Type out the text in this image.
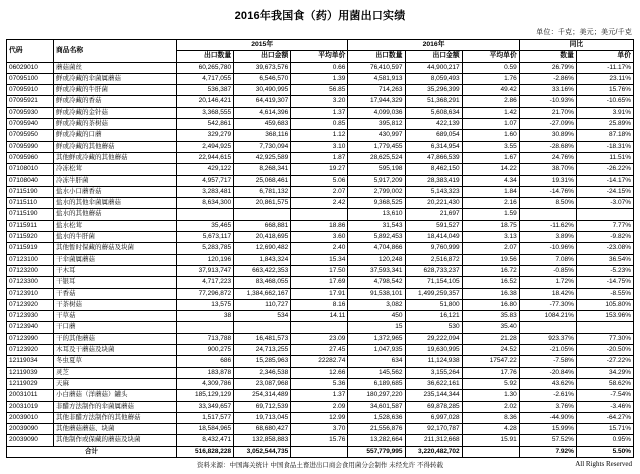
2016年我国食（药）用菌出口实绩
单位：千克；美元；美元/千克
代码	商品名称	2015年			2016年			同比	
		出口数量	出口金额	平均单价	出口数量	出口金额	平均单价	数量	单价
06029010	蘑菇菌丝	60,265,780	39,673,576	0.66	76,410,597	44,900,217	0.59	26.79%	-11.17%
07095100	鲜或冷藏的伞菌属蘑菇	4,717,055	6,546,570	1.39	4,581,913	8,059,493	1.76	-2.86%	23.11%
07095910	鲜或冷藏的牛肝菌	536,387	30,490,995	56.85	714,263	35,296,399	49.42	33.16%	15.76%
07095921	鲜或冷藏的香菇	20,146,421	64,419,307	3.20	17,944,329	51,368,291	2.86	-10.93%	-10.65%
07095930	鲜或冷藏的金针菇	3,368,555	4,614,396	1.37	4,099,036	5,608,634	1.42	21.70%	3.91%
07095940	鲜或冷藏的茶树菇	542,861	459,683	0.85	395,812	422,139	1.07	-27.09%	25.89%
07095950	鲜或冷藏的口蘑	329,279	368,116	1.12	430,997	689,054	1.60	30.89%	87.18%
07095990	鲜或冷藏的其他蘑菇	2,494,925	7,730,094	3.10	1,779,455	6,314,954	3.55	-28.68%	-18.31%
07095960	其他鲜或冷藏的其他蘑菇	22,944,615	42,925,589	1.87	28,625,524	47,866,539	1.67	24.76%	11.51%
07108010	冷冻松茸	429,122	8,268,341	19.27	595,198	8,462,150	14.22	38.70%	-26.22%
07108040	冷冻牛肝菌	4,957,717	25,068,461	5.06	5,917,209	28,383,419	4.34	19.31%	-14.17%
07115190	盐水小口蘑香菇	3,283,481	6,781,132	2.07	2,799,002	5,143,323	1.84	-14.76%	-24.15%
07115110	盐水的其他伞菌属蘑菇	8,634,300	20,861,575	2.42	9,368,525	20,221,430	2.16	8.50%	-3.07%
07115190	盐水的其他蘑菇				13,610	21,697	1.59		
07115911	盐水松茸	35,465	668,881	18.86	31,543	591,527	18.75	-11.62%	7.77%
07115920	盐水的牛肝菌	5,673,117	20,418,695	3.60	5,892,453	18,414,049	3.13	3.89%	-9.82%
07115919	其他暂时保藏的蘑菇及块菌	5,283,785	12,690,482	2.40	4,704,866	9,760,999	2.07	-10.96%	-23.08%
07123100	干伞菌属蘑菇	120,196	1,843,324	15.34	120,248	2,516,872	19.56	7.08%	36.54%
07123200	干木耳	37,913,747	663,422,353	17.50	37,593,341	628,733,237	16.72	-0.85%	-5.23%
07123300	干银耳	4,717,223	83,468,055	17.69	4,798,542	71,154,105	16.52	1.72%	-14.75%
07123910	干香菇	77,296,872	1,384,662,167	17.91	91,538,101	1,499,259,357	16.38	18.42%	-8.55%
07123920	干茶树菇	13,575	110,727	8.16	3,082	51,800	16.80	-77.30%	105.80%
07123930	干草菇	38	534	14.11	450	16,121	35.83	1084.21%	153.96%
07123940	干口蘑				15	530	35.40		
07123990	干的其他蘑菇	713,788	16,481,573	23.09	1,372,965	29,222,094	21.28	923.37%	77.30%
07123920	木耳及干蘑菇及块菌	900,275	24,713,255	27.45	1,047,935	19,630,995	24.52	-21.05%	-20.50%
12119034	冬虫夏草	686	15,285,963	22282.74	634	11,124,938	17547.22	-7.58%	-27.22%
12119039	灵芝	183,878	2,346,538	12.66	145,562	3,155,264	17.76	-20.84%	34.29%
12119029	天麻	4,309,786	23,087,968	5.36	6,189,685	36,622,161	5.92	43.62%	58.62%
20031011	小白蘑菇（洋蘑菇）罐头	185,129,129	254,314,489	1.37	180,297,220	235,144,344	1.30	-2.61%	-7.54%
20031019	非醋方法制作的伞菌属蘑菇	33,349,657	69,712,539	2.09	34,601,587	69,878,285	2.02	3.76%	-3.46%
20039010	其他非醋方法制作的其他蘑菇	1,517,577	19,713,045	12.99	1,528,636	6,997,028	8.36	-44.90%	-64.27%
20039090	其他蘑菇蘑菇、块菌	18,584,965	68,680,427	3.70	21,556,876	92,170,787	4.28	15.99%	15.71%
20039090	其他制作或保藏的蘑菇及块菌	8,432,471	132,858,883	15.76	13,282,664	211,312,668	15.91	57.52%	0.95%
合计		516,828,228	3,052,544,735		557,779,995	3,220,482,702		7.92%	5.50%
资料来源：中国海关统计 中国食品土畜进出口商会食用菌分会制作 未经允许 不得转载	All Rights Reserved
